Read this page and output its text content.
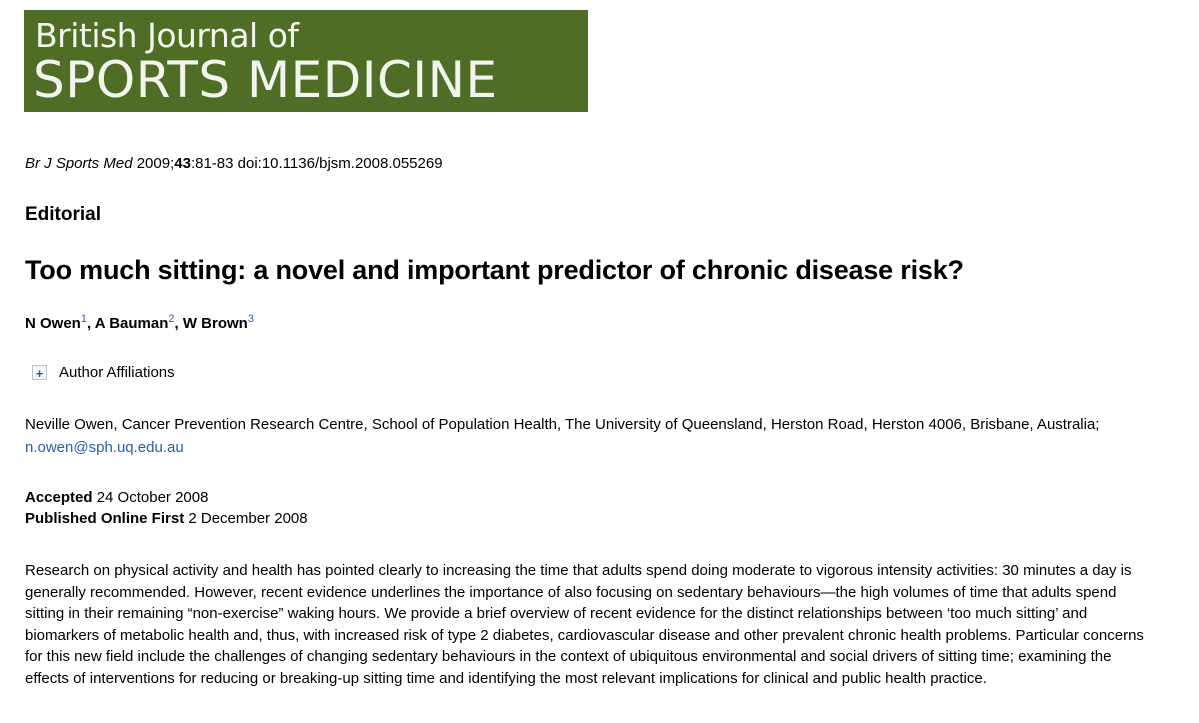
British Journal of
SPORTS MEDICINE
Br J Sports Med 2009;43:81-83 doi:10.1136/bjsm.2008.055269
Editorial
Too much sitting: a novel and important predictor of chronic disease risk?
N Owen$^1$, A Bauman$^2$, W Brown$^3$
+ Author Affiliations
Neville Owen, Cancer Prevention Research Centre, School of Population Health, The University of Queensland, Herston Road, Herston 4006, Brisbane, Australia;
n.owen@sph.uq.edu.au
Accepted 24 October 2008
Published Online First 2 December 2008
Research on physical activity and health has pointed clearly to increasing the time that adults spend doing moderate to vigorous intensity activities: 30 minutes a day is generally recommended. However, recent evidence underlines the importance of also focusing on sedentary behaviours—the high volumes of time that adults spend sitting in their remaining “non-exercise” waking hours. We provide a brief overview of recent evidence for the distinct relationships between ‘too much sitting’ and biomarkers of metabolic health and, thus, with increased risk of type 2 diabetes, cardiovascular disease and other prevalent chronic health problems. Particular concerns for this new field include the challenges of changing sedentary behaviours in the context of ubiquitous environmental and social drivers of sitting time; examining the effects of interventions for reducing or breaking-up sitting time and identifying the most relevant implications for clinical and public health practice.
